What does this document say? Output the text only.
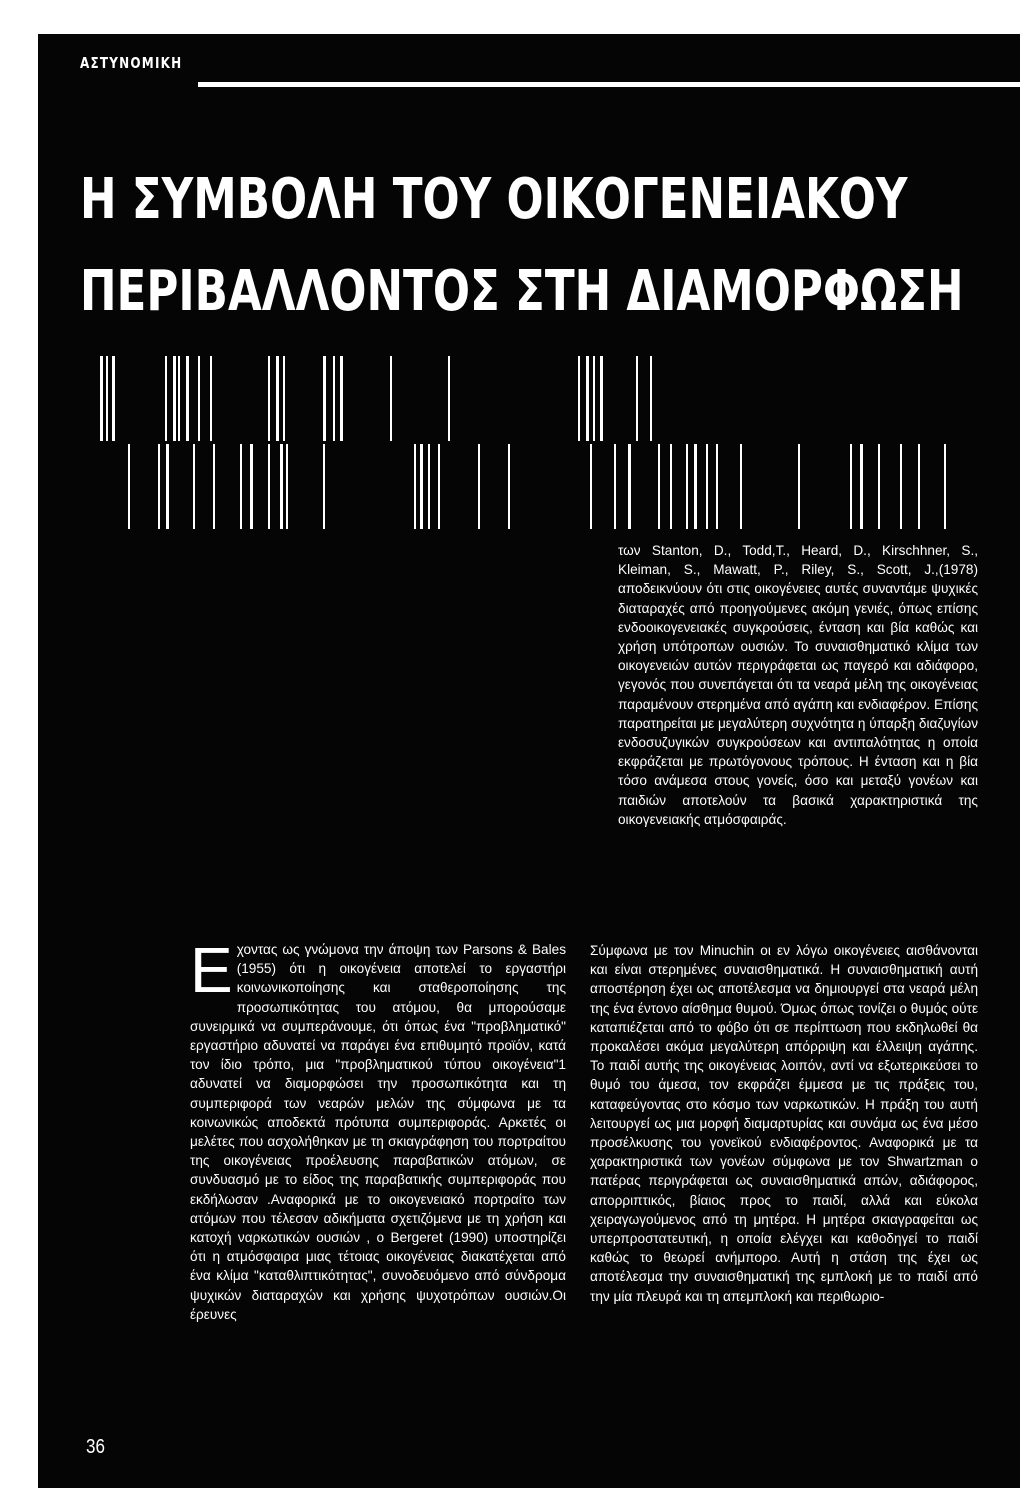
ΑΣΤΥΝΟΜΙΚΗ
Η ΣΥΜΒΟΛΗ ΤΟΥ ΟΙΚΟΓΕΝΕΙΑΚΟΥ
ΠΕΡΙΒΑΛΛΟΝΤΟΣ ΣΤΗ ΔΙΑΜΟΡΦΩΣΗ
Εχοντας ως γνώμονα την άποψη των Parsons & Bales (1955) ότι η οικογένεια αποτελεί το εργαστήρι κοινωνικοποίησης και σταθεροποίησης της προσωπικότητας του ατόμου, θα μπορούσαμε συνειρμικά να συμπεράνουμε, ότι όπως ένα "προβληματικό" εργαστήριο αδυνατεί να παράγει ένα επιθυμητό προϊόν, κατά τον ίδιο τρόπο, μια "προβληματικού τύπου οικογένεια"1 αδυνατεί να διαμορφώσει την προσωπικότητα και τη συμπεριφορά των νεαρών μελών της σύμφωνα με τα κοινωνικώς αποδεκτά πρότυπα συμπεριφοράς. Αρκετές οι μελέτες που ασχολήθηκαν με τη σκιαγράφηση του πορτραίτου της οικογένειας προέλευσης παραβατικών ατόμων, σε συνδυασμό με το είδος της παραβατικής συμπεριφοράς που εκδήλωσαν .Αναφορικά με το οικογενειακό πορτραίτο των ατόμων που τέλεσαν αδικήματα σχετιζόμενα με τη χρήση και κατοχή ναρκωτικών ουσιών , ο Bergeret (1990) υποστηρίζει ότι η ατμόσφαιρα μιας τέτοιας οικογένειας διακατέχεται από ένα κλίμα "καταθλιπτικότητας", συνοδευόμενο από σύνδρομα ψυχικών διαταραχών και χρήσης ψυχοτρόπων ουσιών.Οι έρευνες
των Stanton, D., Todd,T., Heard, D., Kirschhner, S., Kleiman, S., Mawatt, P., Riley, S., Scott, J.,(1978) αποδεικνύουν ότι στις οικογένειες αυτές συναντάμε ψυχικές διαταραχές από προηγούμενες ακόμη γενιές, όπως επίσης ενδοοικογενειακές συγκρούσεις, ένταση και βία καθώς και χρήση υπότροπων ουσιών. Το συναισθηματικό κλίμα των οικογενειών αυτών περιγράφεται ως παγερό και αδιάφορο, γεγονός που συνεπάγεται ότι τα νεαρά μέλη της οικογένειας παραμένουν στερημένα από αγάπη και ενδιαφέρον. Επίσης παρατηρείται με μεγαλύτερη συχνότητα η ύπαρξη διαζυγίων ενδοσυζυγικών συγκρούσεων και αντιπαλότητας η οποία εκφράζεται με πρωτόγονους τρόπους. Η ένταση και η βία τόσο ανάμεσα στους γονείς, όσο και μεταξύ γονέων και παιδιών αποτελούν τα βασικά χαρακτηριστικά της οικογενειακής ατμόσφαιράς.
Σύμφωνα με τον Minuchin οι εν λόγω οικογένειες αισθάνονται και είναι στερημένες συναισθηματικά. Η συναισθηματική αυτή αποστέρηση έχει ως αποτέλεσμα να δημιουργεί στα νεαρά μέλη της ένα έντονο αίσθημα θυμού. Όμως όπως τονίζει ο θυμός ούτε καταπιέζεται από το φόβο ότι σε περίπτωση που εκδηλωθεί θα προκαλέσει ακόμα μεγαλύτερη απόρριψη και έλλειψη αγάπης. Το παιδί αυτής της οικογένειας λοιπόν, αντί να εξωτερικεύσει το θυμό του άμεσα, τον εκφράζει έμμεσα με τις πράξεις του, καταφεύγοντας στο κόσμο των ναρκωτικών. Η πράξη του αυτή λειτουργεί ως μια μορφή διαμαρτυρίας και συνάμα ως ένα μέσο προσέλκυσης του γονεϊκού ενδιαφέροντος. Αναφορικά με τα χαρακτηριστικά των γονέων σύμφωνα με τον Shwartzman ο πατέρας περιγράφεται ως συναισθηματικά απών, αδιάφορος, απορριπτικός, βίαιος προς το παιδί, αλλά και εύκολα χειραγωγούμενος από τη μητέρα. Η μητέρα σκιαγραφείται ως υπερπροστατευτική, η οποία ελέγχει και καθοδηγεί το παιδί καθώς το θεωρεί ανήμπορο. Αυτή η στάση της έχει ως αποτέλεσμα την συναισθηματική της εμπλοκή με το παιδί από την μία πλευρά και τη απεμπλοκή και περιθωριο-
36
